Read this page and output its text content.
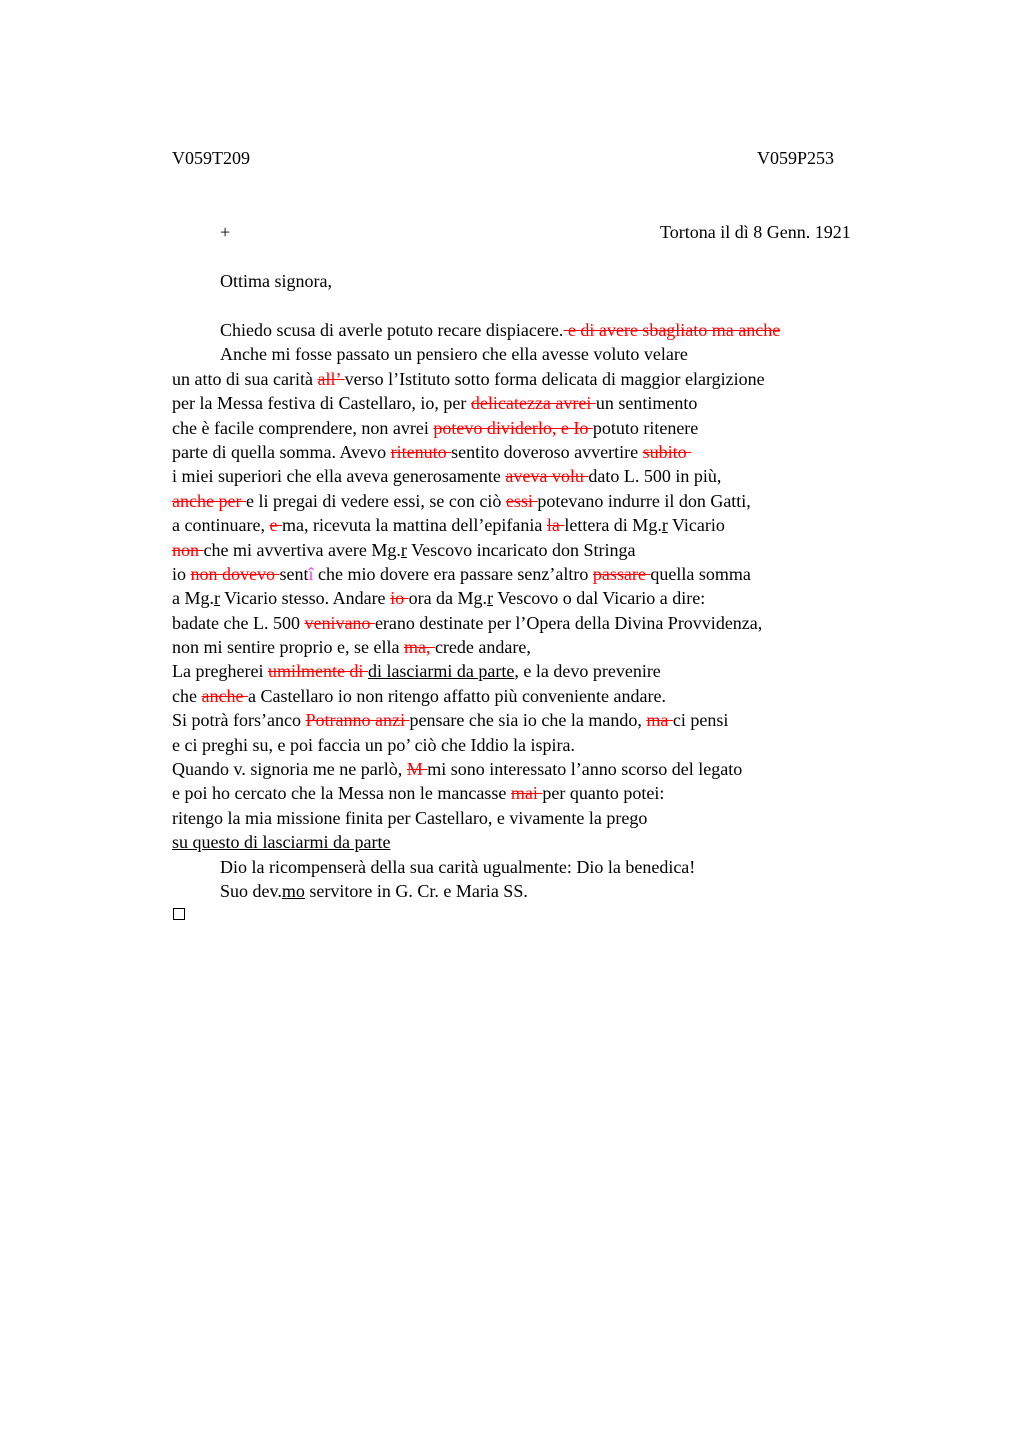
V059T209	V059P253
+	Tortona il dì 8 Genn. 1921
Ottima signora,
Chiedo scusa di averle potuto recare dispiacere. e di avere sbagliato ma anche
Anche mi fosse passato un pensiero che ella avesse voluto velare
un atto di sua carità all’ verso l’Istituto sotto forma delicata di maggior elargizione
per la Messa festiva di Castellaro, io, per delicatezza avrei un sentimento
che è facile comprendere, non avrei potevo dividerlo, e Io potuto ritenere
parte di quella somma. Avevo ritenuto sentito doveroso avvertire subito
i miei superiori che ella aveva generosamente aveva volu dato L. 500 in più,
anche per e li pregai di vedere essi, se con ciò essi potevano indurre il don Gatti,
a continuare, e ma, ricevuta la mattina dell’epifania la lettera di Mg.r Vicario
non che mi avvertiva avere Mg.r Vescovo incaricato don Stringa
io non dovevo sentî che mio dovere era passare senz’altro passare quella somma
a Mg.r Vicario stesso. Andare io ora da Mg.r Vescovo o dal Vicario a dire:
badate che L. 500 venivano erano destinate per l’Opera della Divina Provvidenza,
non mi sentire proprio e, se ella ma, crede andare,
La pregherei umilmente di di lasciarmi da parte, e la devo prevenire
che anche a Castellaro io non ritengo affatto più conveniente andare.
Si potrà fors’anco Potranno anzi pensare che sia io che la mando, ma ci pensi
e ci preghi su, e poi faccia un po’ ciò che Iddio la ispira.
Quando v. signoria me ne parlò, M mi sono interessato l’anno scorso del legato
e poi ho cercato che la Messa non le mancasse mai per quanto potei:
ritengo la mia missione finita per Castellaro, e vivamente la prego
su questo di lasciarmi da parte
Dio la ricompenserà della sua carità ugualmente: Dio la benedica!
Suo dev.mo servitore in G. Cr. e Maria SS.
